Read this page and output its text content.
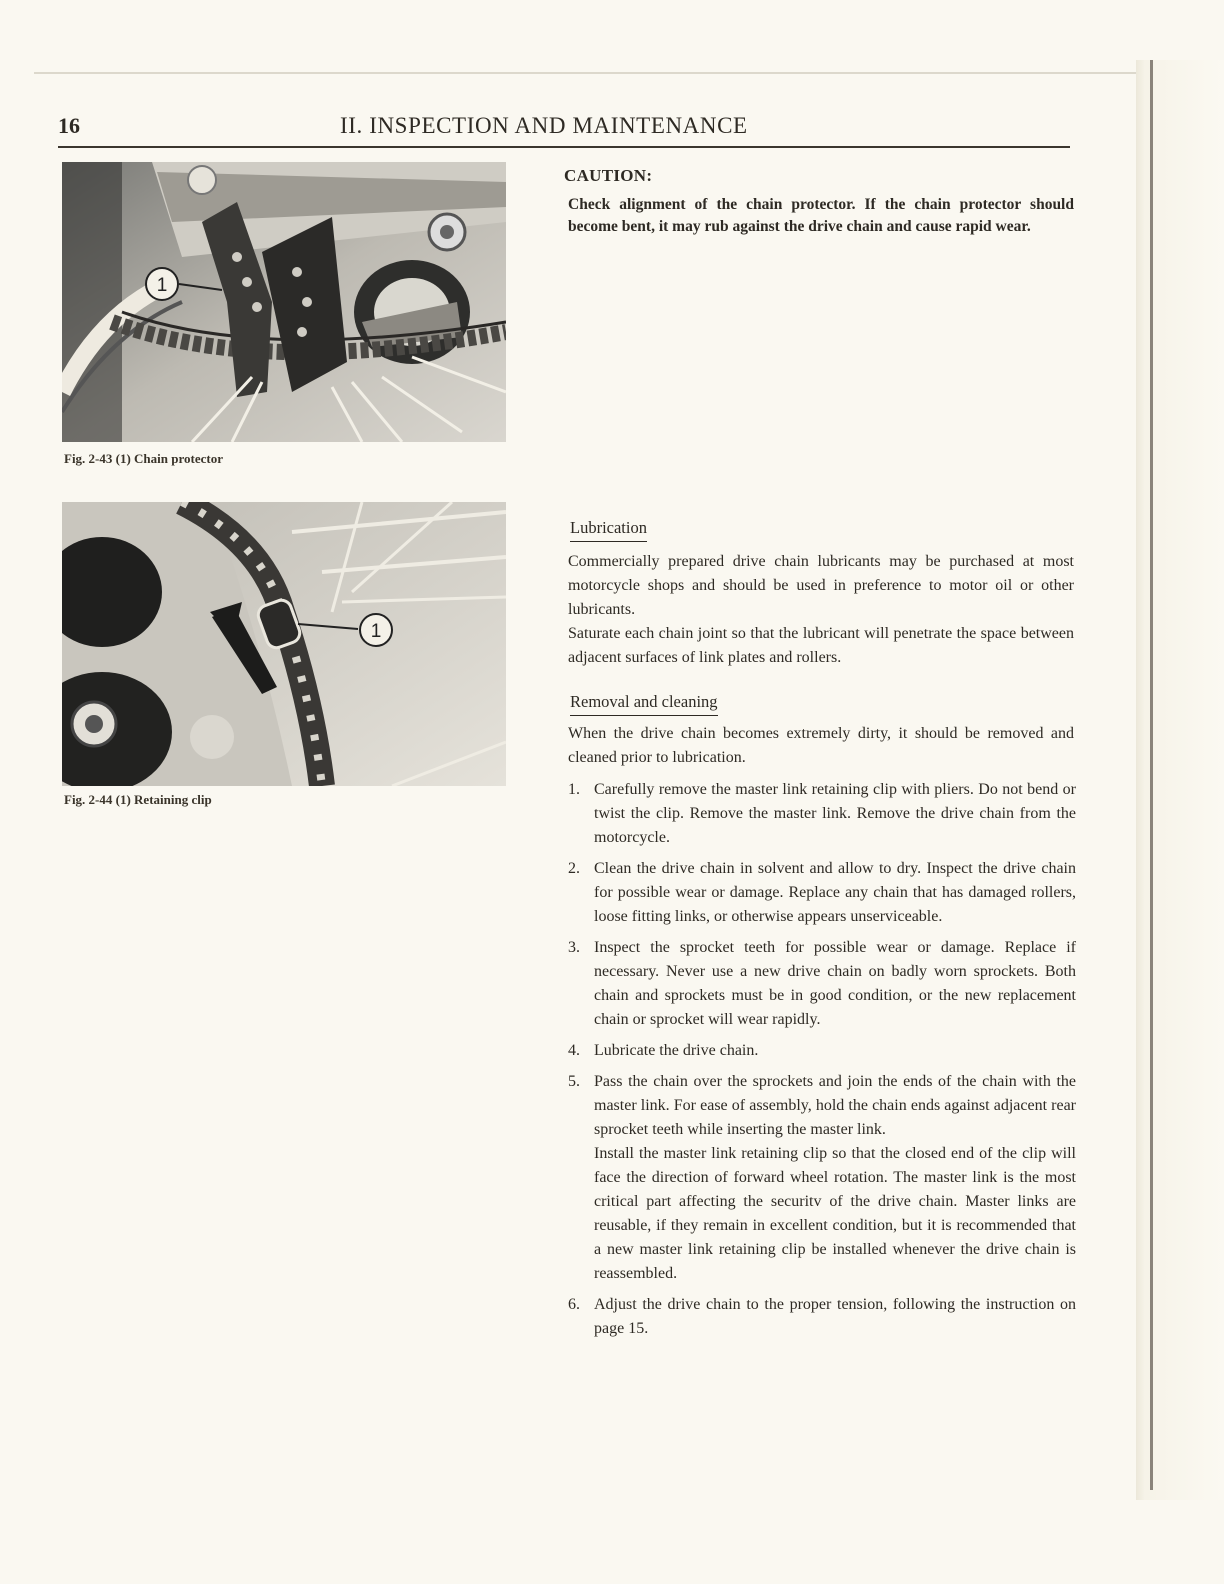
16	II. INSPECTION AND MAINTENANCE
1
Fig. 2-43 (1) Chain protector
1
Fig. 2-44 (1) Retaining clip
CAUTION:
Check alignment of the chain protector. If the chain protector should become bent, it may rub against the drive chain and cause rapid wear.
Lubrication
Commercially prepared drive chain lubricants may be purchased at most motorcycle shops and should be used in preference to motor oil or other lubricants.
Saturate each chain joint so that the lubricant will penetrate the space between adjacent surfaces of link plates and rollers.
Removal and cleaning
When the drive chain becomes extremely dirty, it should be removed and cleaned prior to lubrication.
1. Carefully remove the master link retaining clip with pliers. Do not bend or twist the clip. Remove the master link. Remove the drive chain from the motorcycle.
2. Clean the drive chain in solvent and allow to dry. Inspect the drive chain for possible wear or damage. Replace any chain that has damaged rollers, loose fitting links, or otherwise appears unserviceable.
3. Inspect the sprocket teeth for possible wear or damage. Replace if necessary. Never use a new drive chain on badly worn sprockets. Both chain and sprockets must be in good condition, or the new replacement chain or sprocket will wear rapidly.
4. Lubricate the drive chain.
5. Pass the chain over the sprockets and join the ends of the chain with the master link. For ease of assembly, hold the chain ends against adjacent rear sprocket teeth while inserting the master link.
Install the master link retaining clip so that the closed end of the clip will face the direction of forward wheel rotation. The master link is the most critical part affecting the securitv of the drive chain. Master links are reusable, if they remain in excellent condition, but it is recommended that a new master link retaining clip be installed whenever the drive chain is reassembled.
6. Adjust the drive chain to the proper tension, following the instruction on page 15.
